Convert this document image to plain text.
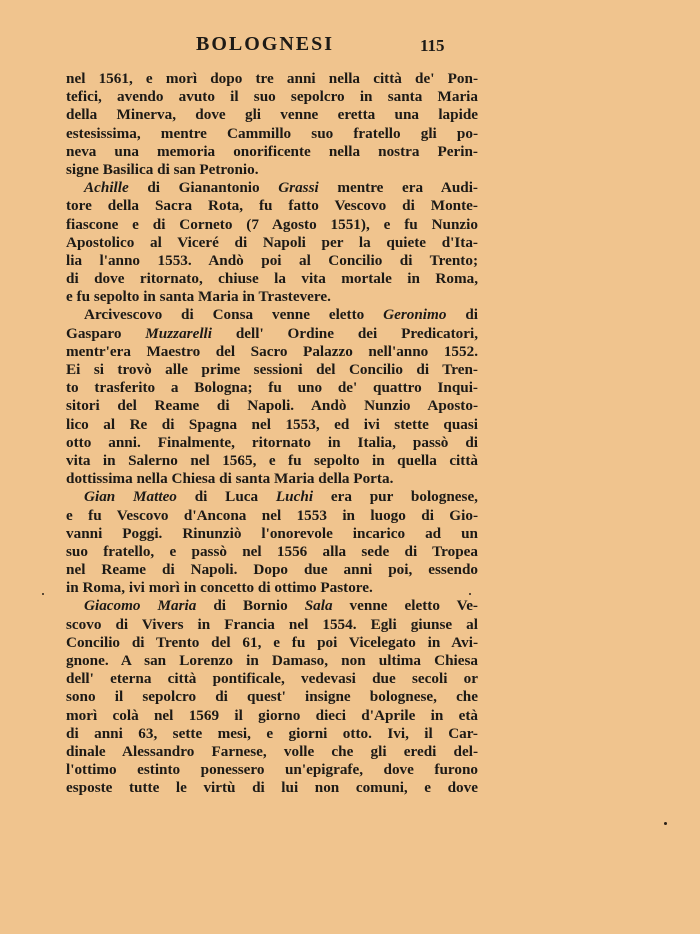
BOLOGNESI	115
nel 1561, e morì dopo tre anni nella città de' Pon-
tefici, avendo avuto il suo sepolcro in santa Maria
della Minerva, dove gli venne eretta una lapide
estesissima, mentre Cammillo suo fratello gli po-
neva una memoria onorificente nella nostra Perin-
signe Basilica di san Petronio.
Achille di Gianantonio Grassi mentre era Audi-
tore della Sacra Rota, fu fatto Vescovo di Monte-
fiascone e di Corneto (7 Agosto 1551), e fu Nunzio
Apostolico al Viceré di Napoli per la quiete d'Ita-
lia l'anno 1553. Andò poi al Concilio di Trento;
di dove ritornato, chiuse la vita mortale in Roma,
e fu sepolto in santa Maria in Trastevere.
Arcivescovo di Consa venne eletto Geronimo di
Gasparo Muzzarelli dell' Ordine dei Predicatori,
mentr'era Maestro del Sacro Palazzo nell'anno 1552.
Ei si trovò alle prime sessioni del Concilio di Tren-
to trasferito a Bologna; fu uno de' quattro Inqui-
sitori del Reame di Napoli. Andò Nunzio Aposto-
lico al Re di Spagna nel 1553, ed ivi stette quasi
otto anni. Finalmente, ritornato in Italia, passò di
vita in Salerno nel 1565, e fu sepolto in quella città
dottissima nella Chiesa di santa Maria della Porta.
Gian Matteo di Luca Luchi era pur bolognese,
e fu Vescovo d'Ancona nel 1553 in luogo di Gio-
vanni Poggi. Rinunziò l'onorevole incarico ad un
suo fratello, e passò nel 1556 alla sede di Tropea
nel Reame di Napoli. Dopo due anni poi, essendo
in Roma, ivi morì in concetto di ottimo Pastore.
Giacomo Maria di Bornio Sala venne eletto Ve-
scovo di Vivers in Francia nel 1554. Egli giunse al
Concilio di Trento del 61, e fu poi Vicelegato in Avi-
gnone. A san Lorenzo in Damaso, non ultima Chiesa
dell' eterna città pontificale, vedevasi due secoli or
sono il sepolcro di quest' insigne bolognese, che
morì colà nel 1569 il giorno dieci d'Aprile in età
di anni 63, sette mesi, e giorni otto. Ivi, il Car-
dinale Alessandro Farnese, volle che gli eredi del-
l'ottimo estinto ponessero un'epigrafe, dove furono
esposte tutte le virtù di lui non comuni, e dove
